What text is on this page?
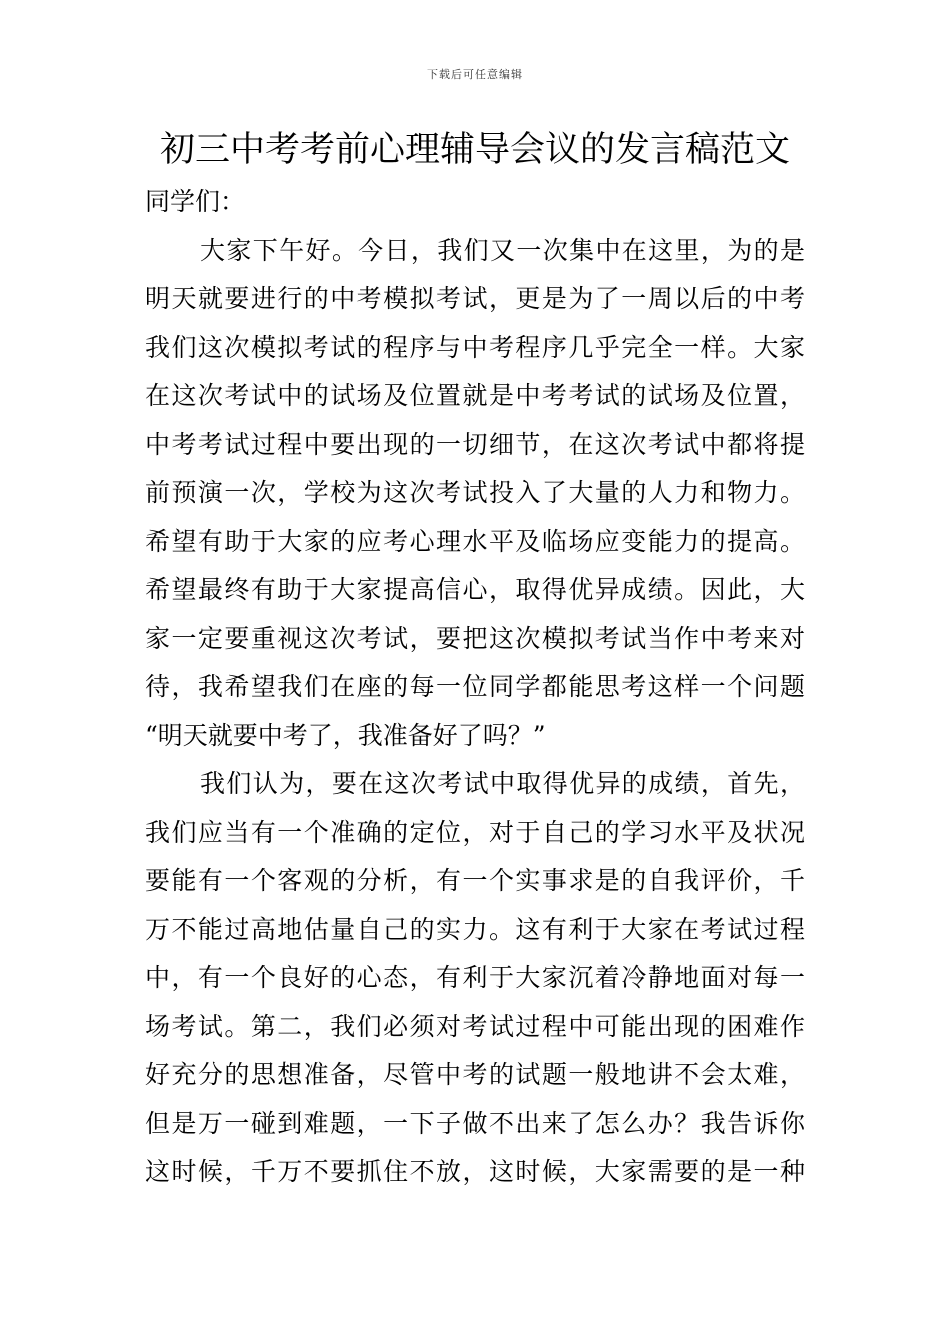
下载后可任意编辑
初三中考考前心理辅导会议的发言稿范文

同学们：

大家下午好。今日，我们又一次集中在这里，为的是
明天就要进行的中考模拟考试，更是为了一周以后的中考
我们这次模拟考试的程序与中考程序几乎完全一样。大家
在这次考试中的试场及位置就是中考考试的试场及位置，
中考考试过程中要出现的一切细节，在这次考试中都将提
前预演一次，学校为这次考试投入了大量的人力和物力。
希望有助于大家的应考心理水平及临场应变能力的提高。
希望最终有助于大家提高信心，取得优异成绩。因此，大
家一定要重视这次考试，要把这次模拟考试当作中考来对
待，我希望我们在座的每一位同学都能思考这样一个问题
“明天就要中考了，我准备好了吗？”
我们认为，要在这次考试中取得优异的成绩，首先，
我们应当有一个准确的定位，对于自己的学习水平及状况
要能有一个客观的分析，有一个实事求是的自我评价，千
万不能过高地估量自己的实力。这有利于大家在考试过程
中，有一个良好的心态，有利于大家沉着冷静地面对每一
场考试。第二，我们必须对考试过程中可能出现的困难作
好充分的思想准备，尽管中考的试题一般地讲不会太难，
但是万一碰到难题，一下子做不出来了怎么办？我告诉你
这时候，千万不要抓住不放，这时候，大家需要的是一种
